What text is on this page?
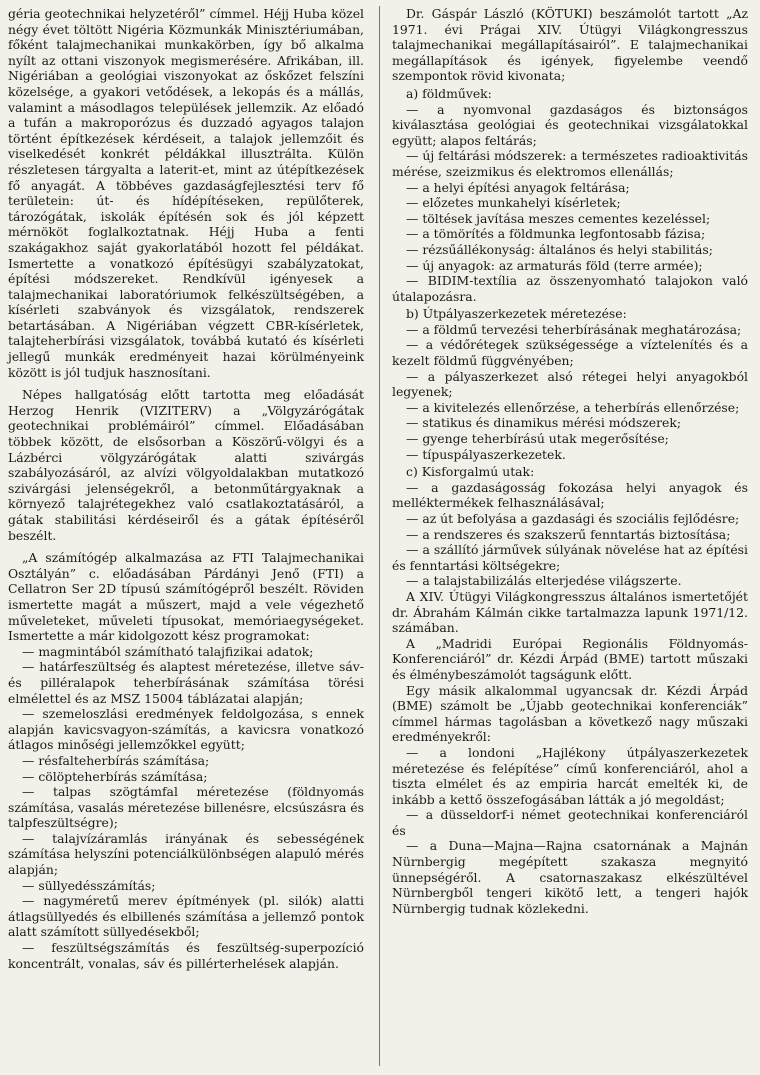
géria geotechnikai helyzetéről” címmel. Héjj Huba közel négy évet töltött Nigéria Közmunkák Minisztériumában, főként talajmechanikai munkakörben, így bő alkalma nyílt az ottani viszonyok megismerésére. Afrikában, ill. Nigériában a geológiai viszonyokat az őskőzet felszíni közelsége, a gyakori vetődések, a lekopás és a mállás, valamint a másodlagos települések jellemzik. Az előadó a tufán a makroporózus és duzzadó agyagos talajon történt építkezések kérdéseit, a talajok jellemzőit és viselkedését konkrét példákkal illusztrálta. Külön részletesen tárgyalta a laterit-et, mint az útépítkezések fő anyagát. A többéves gazdaságfejlesztési terv fő területein: út- és hídépítéseken, repülőterek, tározógátak, iskolák építésén sok és jól képzett mérnököt foglalkoztatnak. Héjj Huba a fenti szakágakhoz saját gyakorlatából hozott fel példákat. Ismertette a vonatkozó építésügyi szabályzatokat, építési módszereket. Rendkívül igényesek a talajmechanikai laboratóriumok felkészültségében, a kísérleti szabványok és vizsgálatok, rendszerek betartásában. A Nigériában végzett CBR-kísérletek, talajteherbírási vizsgálatok, továbbá kutató és kísérleti jellegű munkák eredményeit hazai körülményeink között is jól tudjuk hasznosítani.

Népes hallgatóság előtt tartotta meg előadását Herzog Henrik (VIZITERV) a „Völgyzárógátak geotechnikai problémáiról” címmel. Előadásában többek között, de elsősorban a Köszörű-völgyi és a Lázbérci völgyzárógátak alatti szivárgás szabályozásáról, az alvízi völgyoldalakban mutatkozó szivárgási jelenségekről, a betonműtárgyaknak a környező talajrétegekhez való csatlakoztatásáról, a gátak stabilitási kérdéseiről és a gátak építéséről beszélt.

„A számítógép alkalmazása az FTI Talajmechanikai Osztályán” c. előadásában Párdányi Jenő (FTI) a Cellatron Ser 2D típusú számítógépről beszélt. Röviden ismertette magát a műszert, majd a vele végezhető műveleteket, műveleti típusokat, memóriaegységeket. Ismertette a már kidolgozott kész programokat:

— magmintából számítható talajfizikai adatok;

— határfeszültség és alaptest méretezése, illetve sáv- és pilléralapok teherbírásának számítása törési elmélettel és az MSZ 15004 táblázatai alapján;

— szemeloszlási eredmények feldolgozása, s ennek alapján kavicsvagyon-számítás, a kavicsra vonatkozó átlagos minőségi jellemzőkkel együtt;

— résfalteherbírás számítása;

— cölöpteherbírás számítása;

— talpas szögtámfal méretezése (földnyomás számítása, vasalás méretezése billenésre, elcsúszásra és talpfeszültségre);

— talajvízáramlás irányának és sebességének számítása helyszíni potenciálkülönbségen alapuló mérés alapján;

— süllyedésszámítás;

— nagyméretű merev építmények (pl. silók) alatti átlagsüllyedés és elbillenés számítása a jellemző pontok alatt számított süllyedésekből;

— feszültségszámítás és feszültség-superpozíció koncentrált, vonalas, sáv és pillérterhelések alapján.

Dr. Gáspár László (KÖTUKI) beszámolót tartott „Az 1971. évi Prágai XIV. Útügyi Világkongresszus talajmechanikai megállapításairól”. E talajmechanikai megállapítások és igények, figyelembe veendő szempontok rövid kivonata;

a) földművek:

— a nyomvonal gazdaságos és biztonságos kiválasztása geológiai és geotechnikai vizsgálatokkal együtt; alapos feltárás;

— új feltárási módszerek: a természetes radioaktivitás mérése, szeizmikus és elektromos ellenállás;

— a helyi építési anyagok feltárása;

— előzetes munkahelyi kísérletek;

— töltések javítása meszes cementes kezeléssel;

— a tömörítés a földmunka legfontosabb fázisa;

— rézsűállékonyság: általános és helyi stabilitás;

— új anyagok: az armaturás föld (terre armée);

— BIDIM-textília az összenyomható talajokon való útalapozásra.

b) Útpályaszerkezetek méretezése:

— a földmű tervezési teherbírásának meghatározása;

— a védőrétegek szükségessége a víztelenítés és a kezelt földmű függvényében;

— a pályaszerkezet alsó rétegei helyi anyagokból legyenek;

— a kivitelezés ellenőrzése, a teherbírás ellenőrzése;

— statikus és dinamikus mérési módszerek;

— gyenge teherbírású utak megerősítése;

— típuspályaszerkezetek.

c) Kisforgalmú utak:

— a gazdaságosság fokozása helyi anyagok és melléktermékek felhasználásával;

— az út befolyása a gazdasági és szociális fejlődésre;

— a rendszeres és szakszerű fenntartás biztosítása;

— a szállító járművek súlyának növelése hat az építési és fenntartási költségekre;

— a talajstabilizálás elterjedése világszerte.

A XIV. Útügyi Világkongresszus általános ismertetőjét dr. Ábrahám Kálmán cikke tartalmazza lapunk 1971/12. számában.

A „Madridi Európai Regionális Földnyomás-Konferenciáról” dr. Kézdi Árpád (BME) tartott műszaki és élménybeszámolót tagságunk előtt.

Egy másik alkalommal ugyancsak dr. Kézdi Árpád (BME) számolt be „Újabb geotechnikai konferenciák” címmel hármas tagolásban a következő nagy műszaki eredményekről:

— a londoni „Hajlékony útpályaszerkezetek méretezése és felépítése” című konferenciáról, ahol a tiszta elmélet és az empiria harcát emelték ki, de inkább a kettő összefogásában látták a jó megoldást;

— a düsseldorf-i német geotechnikai konferenciáról és

— a Duna—Majna—Rajna csatornának a Majnán Nürnbergig megépített szakasza megnyitó ünnepségéről. A csatornaszakasz elkészültével Nürnbergből tengeri kikötő lett, a tengeri hajók Nürnbergig tudnak közlekedni.
